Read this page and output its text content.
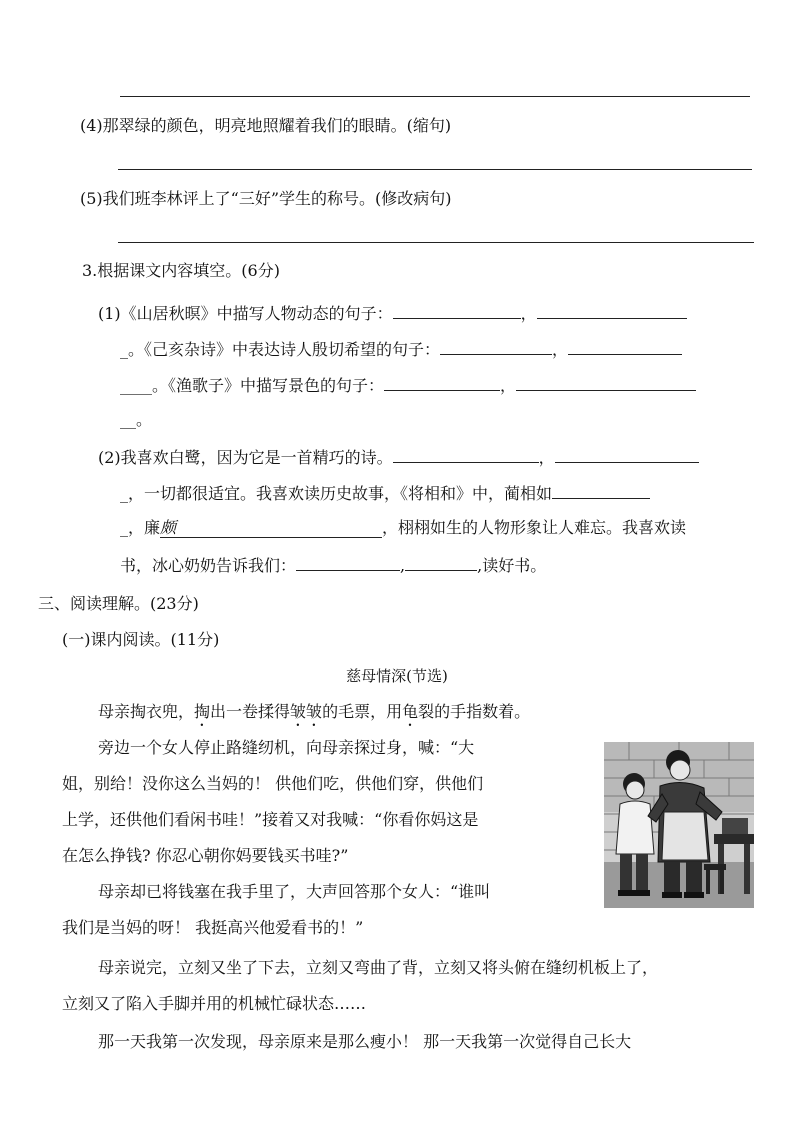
(4)那翠绿的颜色，明亮地照耀着我们的眼睛。(缩句)
(5)我们班李林评上了“三好”学生的称号。(修改病句)
3.根据课文内容填空。(6分)
(1)《山居秋暝》中描写人物动态的句子：	，
_。《己亥杂诗》中表达诗人殷切希望的句子：	，
____。《渔歌子》中描写景色的句子：	，
__。
(2)我喜欢白鹭，因为它是一首精巧的诗。	，
_，一切都很适宜。我喜欢读历史故事，《将相和》中，蔺相如
_，廉颇	，栩栩如生的人物形象让人难忘。我喜欢读
书，冰心奶奶告诉我们：	,	,读好书。
三、阅读理解。(23分)
(一)课内阅读。(11分)
慈母情深(节选)
母亲掏衣兜，掏出一卷揉得皱皱的毛票，用龟裂的手指数着。
旁边一个女人停止路缝纫机，向母亲探过身，喊：“大
姐，别给！没你这么当妈的！ 供他们吃，供他们穿，供他们
上学，还供他们看闲书哇！”接着又对我喊：“你看你妈这是
在怎么挣钱? 你忍心朝你妈要钱买书哇?”
母亲却已将钱塞在我手里了，大声回答那个女人：“谁叫
我们是当妈的呀！ 我挺高兴他爱看书的！”
母亲说完，立刻又坐了下去，立刻又弯曲了背，立刻又将头俯在缝纫机板上了，
立刻又了陷入手脚并用的机械忙碌状态……
那一天我第一次发现，母亲原来是那么瘦小！ 那一天我第一次觉得自己长大
